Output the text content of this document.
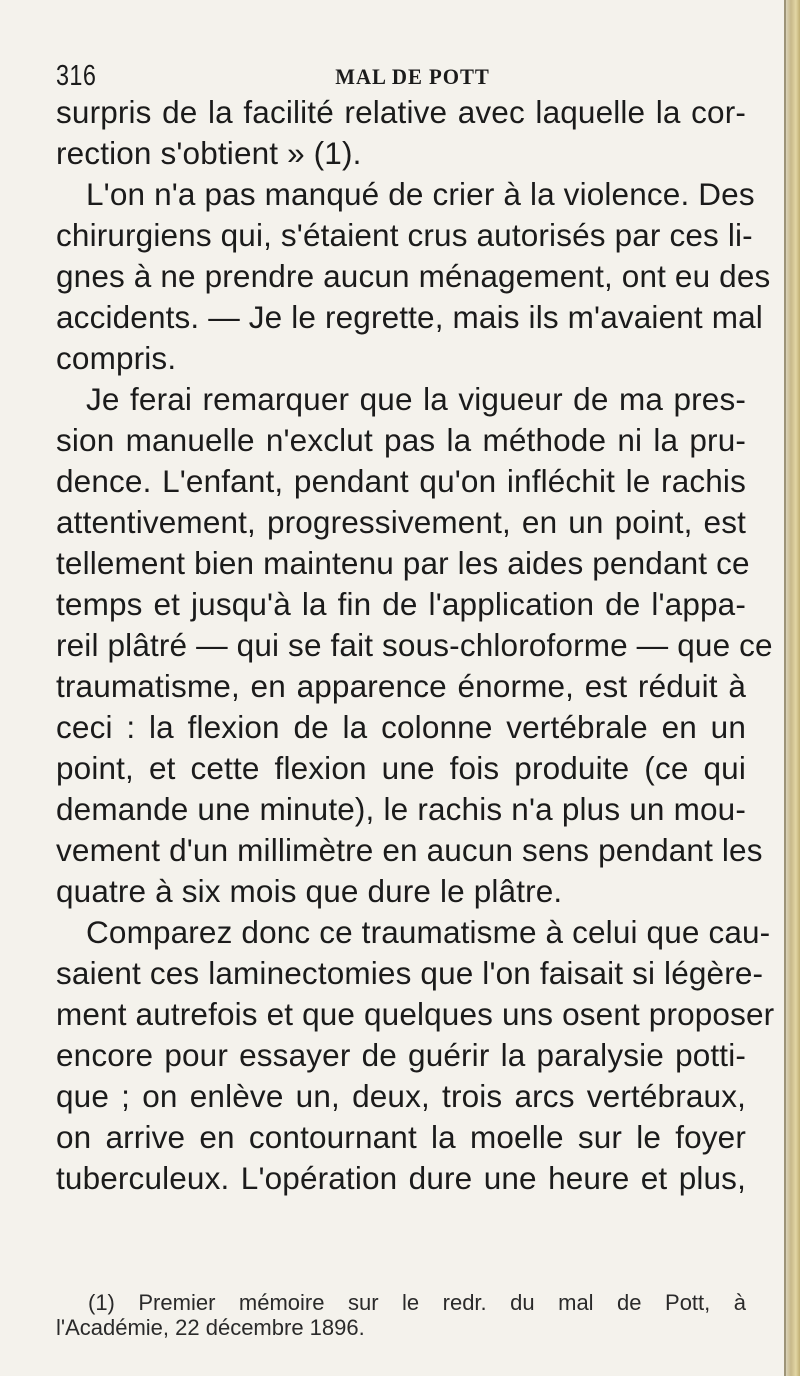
316	MAL DE POTT
surpris de la facilité relative avec laquelle la cor-
rection s'obtient » (1).
L'on n'a pas manqué de crier à la violence. Des
chirurgiens qui, s'étaient crus autorisés par ces li-
gnes à ne prendre aucun ménagement, ont eu des
accidents. — Je le regrette, mais ils m'avaient mal
compris.
Je ferai remarquer que la vigueur de ma pres-
sion manuelle n'exclut pas la méthode ni la pru-
dence. L'enfant, pendant qu'on infléchit le rachis
attentivement, progressivement, en un point, est
tellement bien maintenu par les aides pendant ce
temps et jusqu'à la fin de l'application de l'appa-
reil plâtré — qui se fait sous-chloroforme — que ce
traumatisme, en apparence énorme, est réduit à
ceci : la flexion de la colonne vertébrale en un
point, et cette flexion une fois produite (ce qui
demande une minute), le rachis n'a plus un mou-
vement d'un millimètre en aucun sens pendant les
quatre à six mois que dure le plâtre.
Comparez donc ce traumatisme à celui que cau-
saient ces laminectomies que l'on faisait si légère-
ment autrefois et que quelques uns osent proposer
encore pour essayer de guérir la paralysie potti-
que ; on enlève un, deux, trois arcs vertébraux,
on arrive en contournant la moelle sur le foyer
tuberculeux. L'opération dure une heure et plus,
(1) Premier mémoire sur le redr. du mal de Pott, à
l'Académie, 22 décembre 1896.
